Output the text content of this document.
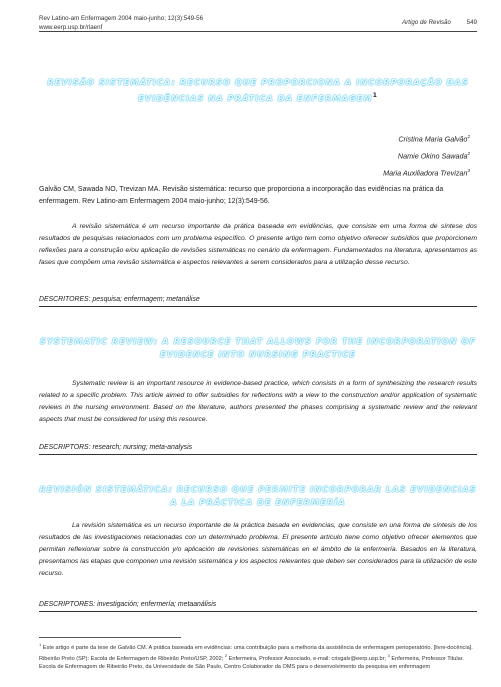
Rev Latino-am Enfermagem 2004 maio-junho; 12(3):549-56
www.eerp.usp.br/rlaenf
Artigo de Revisão	549
REVISÃO SISTEMÁTICA: RECURSO QUE PROPORCIONA A INCORPORAÇÃO DAS EVIDÊNCIAS NA PRÁTICA DA ENFERMAGEM$^1$
Cristina Maria Galvão$^2$
Namie Okino Sawada$^2$
Maria Auxiliadora Trevizan$^3$
Galvão CM, Sawada NO, Trevizan MA. Revisão sistemática: recurso que proporciona a incorporação das evidências na prática da enfermagem. Rev Latino-am Enfermagem 2004 maio-junho; 12(3):549-56.
A revisão sistemática é um recurso importante da prática baseada em evidências, que consiste em uma forma de síntese dos resultados de pesquisas relacionados com um problema específico. O presente artigo tem como objetivo oferecer subsídios que proporcionem reflexões para a construção e/ou aplicação de revisões sistemáticas no cenário da enfermagem. Fundamentados na literatura, apresentamos as fases que compõem uma revisão sistemática e aspectos relevantes a serem considerados para a utilização desse recurso.
DESCRITORES: pesquisa; enfermagem; metanálise
SYSTEMATIC REVIEW: A RESOURCE THAT ALLOWS FOR THE INCORPORATION OF EVIDENCE INTO NURSING PRACTICE
Systematic review is an important resource in evidence-based practice, which consists in a form of synthesizing the research results related to a specific problem. This article aimed to offer subsidies for reflections with a view to the construction and/or application of systematic reviews in the nursing environment. Based on the literature, authors presented the phases comprising a systematic review and the relevant aspects that must be considered for using this resource.
DESCRIPTORS: research; nursing; meta-analysis
REVISIÓN SISTEMÁTICA: RECURSO QUE PERMITE INCORPORAR LAS EVIDENCIAS A LA PRÁCTICA DE ENFERMERÍA
La revisión sistemática es un recurso importante de la práctica basada en evidencias, que consiste en una forma de síntesis de los resultados de las investigaciones relacionadas con un determinado problema. El presente artículo tiene como objetivo ofrecer elementos que permitan reflexionar sobre la construcción y/o aplicación de revisiones sistemáticas en el ámbito de la enfermería. Basados en la literatura, presentamos las etapas que componen una revisión sistemática y los aspectos relevantes que deben ser considerados para la utilización de este recurso.
DESCRIPTORES: investigación; enfermería; metaanálisis
$^1$ Este artigo é parte da tese de Galvão CM. A prática baseada em evidências: uma contribuição para a melhoria da assistência de enfermagem perioperatório. [livre-docência]. Ribeirão Preto (SP): Escola de Enfermagem de Ribeirão Preto/USP, 2002; $^2$ Enfermeira, Professor Associado, e-mail: crisgalv@eerp.usp.br; $^3$ Enfermeira, Professor Titular. Escola de Enfermagem de Ribeirão Preto, da Universidade de São Paulo, Centro Colaborador da OMS para o desenvolvimento da pesquisa em enfermagem
